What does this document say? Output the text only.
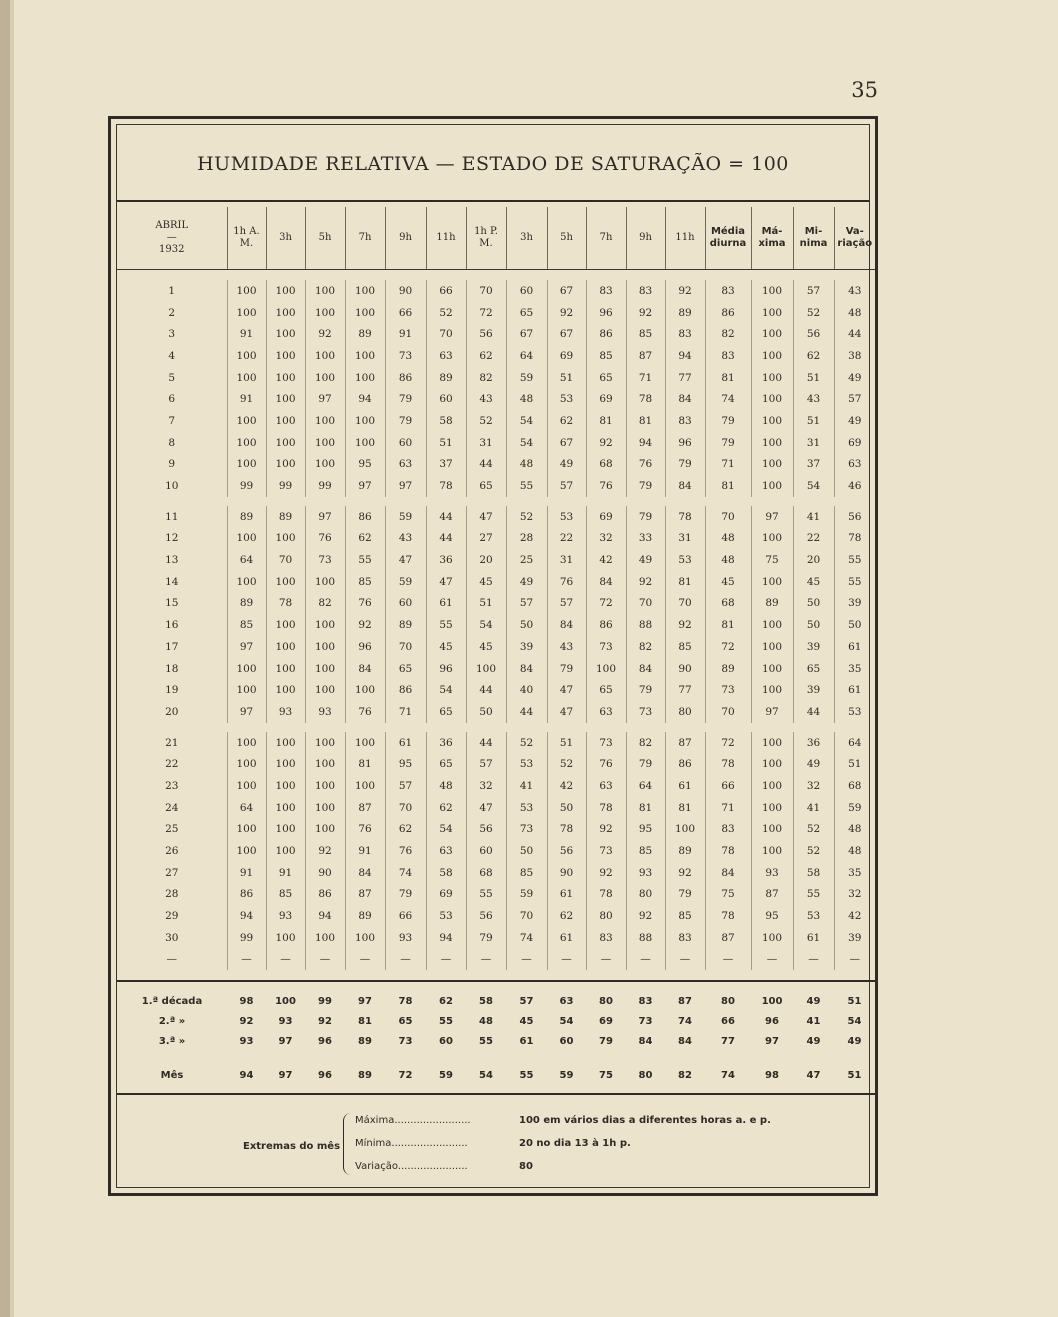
35
HUMIDADE RELATIVA — ESTADO DE SATURAÇÃO = 100
ABRIL
—
1932	1h A. M.	3h	5h	7h	9h	11h	1h P. M.	3h	5h	7h	9h	11h	Média diurna	Má- xima	Mi- nima	Va- riação

1	100	100	100	100	90	66	70	60	67	83	83	92	83	100	57	43
2	100	100	100	100	66	52	72	65	92	96	92	89	86	100	52	48
3	91	100	92	89	91	70	56	67	67	86	85	83	82	100	56	44
4	100	100	100	100	73	63	62	64	69	85	87	94	83	100	62	38
5	100	100	100	100	86	89	82	59	51	65	71	77	81	100	51	49
6	91	100	97	94	79	60	43	48	53	69	78	84	74	100	43	57
7	100	100	100	100	79	58	52	54	62	81	81	83	79	100	51	49
8	100	100	100	100	60	51	31	54	67	92	94	96	79	100	31	69
9	100	100	100	95	63	37	44	48	49	68	76	79	71	100	37	63
10	99	99	99	97	97	78	65	55	57	76	79	84	81	100	54	46

11	89	89	97	86	59	44	47	52	53	69	79	78	70	97	41	56
12	100	100	76	62	43	44	27	28	22	32	33	31	48	100	22	78
13	64	70	73	55	47	36	20	25	31	42	49	53	48	75	20	55
14	100	100	100	85	59	47	45	49	76	84	92	81	45	100	45	55
15	89	78	82	76	60	61	51	57	57	72	70	70	68	89	50	39
16	85	100	100	92	89	55	54	50	84	86	88	92	81	100	50	50
17	97	100	100	96	70	45	45	39	43	73	82	85	72	100	39	61
18	100	100	100	84	65	96	100	84	79	100	84	90	89	100	65	35
19	100	100	100	100	86	54	44	40	47	65	79	77	73	100	39	61
20	97	93	93	76	71	65	50	44	47	63	73	80	70	97	44	53

21	100	100	100	100	61	36	44	52	51	73	82	87	72	100	36	64
22	100	100	100	81	95	65	57	53	52	76	79	86	78	100	49	51
23	100	100	100	100	57	48	32	41	42	63	64	61	66	100	32	68
24	64	100	100	87	70	62	47	53	50	78	81	81	71	100	41	59
25	100	100	100	76	62	54	56	73	78	92	95	100	83	100	52	48
26	100	100	92	91	76	63	60	50	56	73	85	89	78	100	52	48
27	91	91	90	84	74	58	68	85	90	92	93	92	84	93	58	35
28	86	85	86	87	79	69	55	59	61	78	80	79	75	87	55	32
29	94	93	94	89	66	53	56	70	62	80	92	85	78	95	53	42
30	99	100	100	100	93	94	79	74	61	83	88	83	87	100	61	39
—	—	—	—	—	—	—	—	—	—	—	—	—	—	—	—	—
1.ª década	98	100	99	97	78	62	58	57	63	80	83	87	80	100	49	51
2.ª »	92	93	92	81	65	55	48	45	54	69	73	74	66	96	41	54
3.ª »	93	97	96	89	73	60	55	61	60	79	84	84	77	97	49	49
Mês	94	97	96	89	72	59	54	55	59	75	80	82	74	98	47	51
Extremas do mês
Máxima........................	100 em vários dias a diferentes horas a. e p.
Mínima........................	20 no dia 13 à 1h p.
Variação......................	80
